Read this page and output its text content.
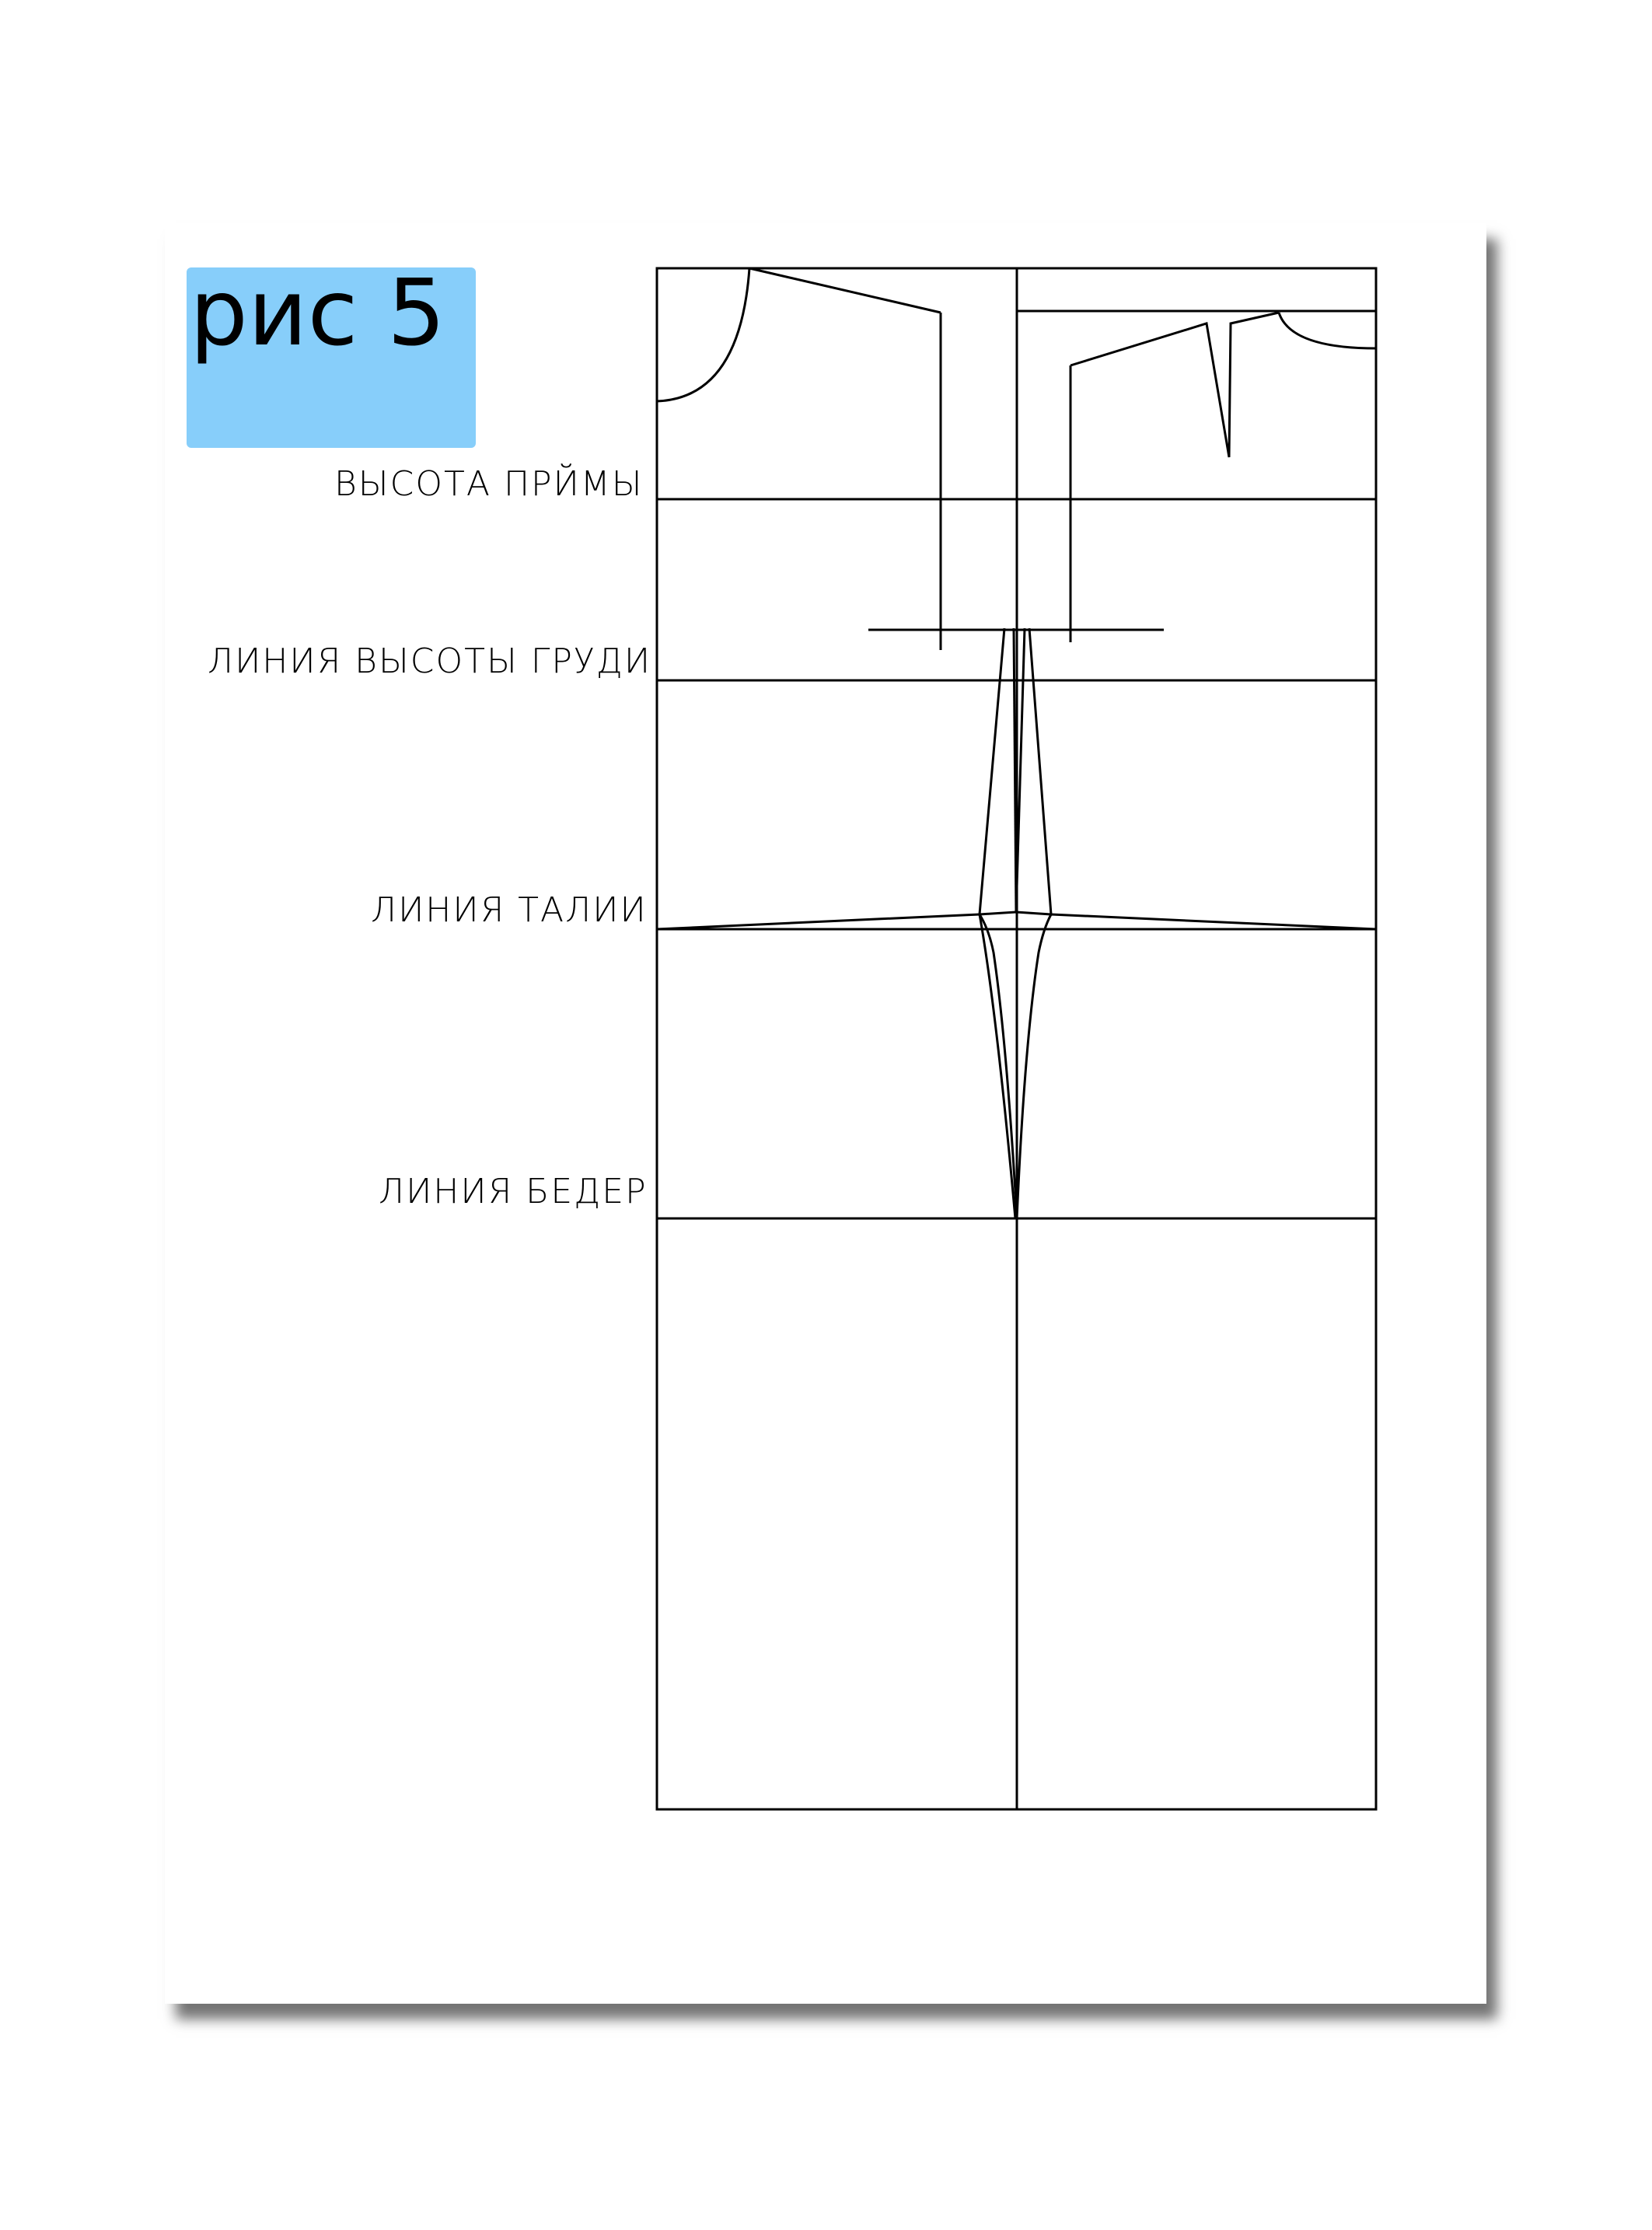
рис 5
ВЫСОТА ПРЙМЫ
ЛИНИЯ ВЫСОТЫ ГРУДИ
ЛИНИЯ ТАЛИИ
ЛИНИЯ БЕДЕР
